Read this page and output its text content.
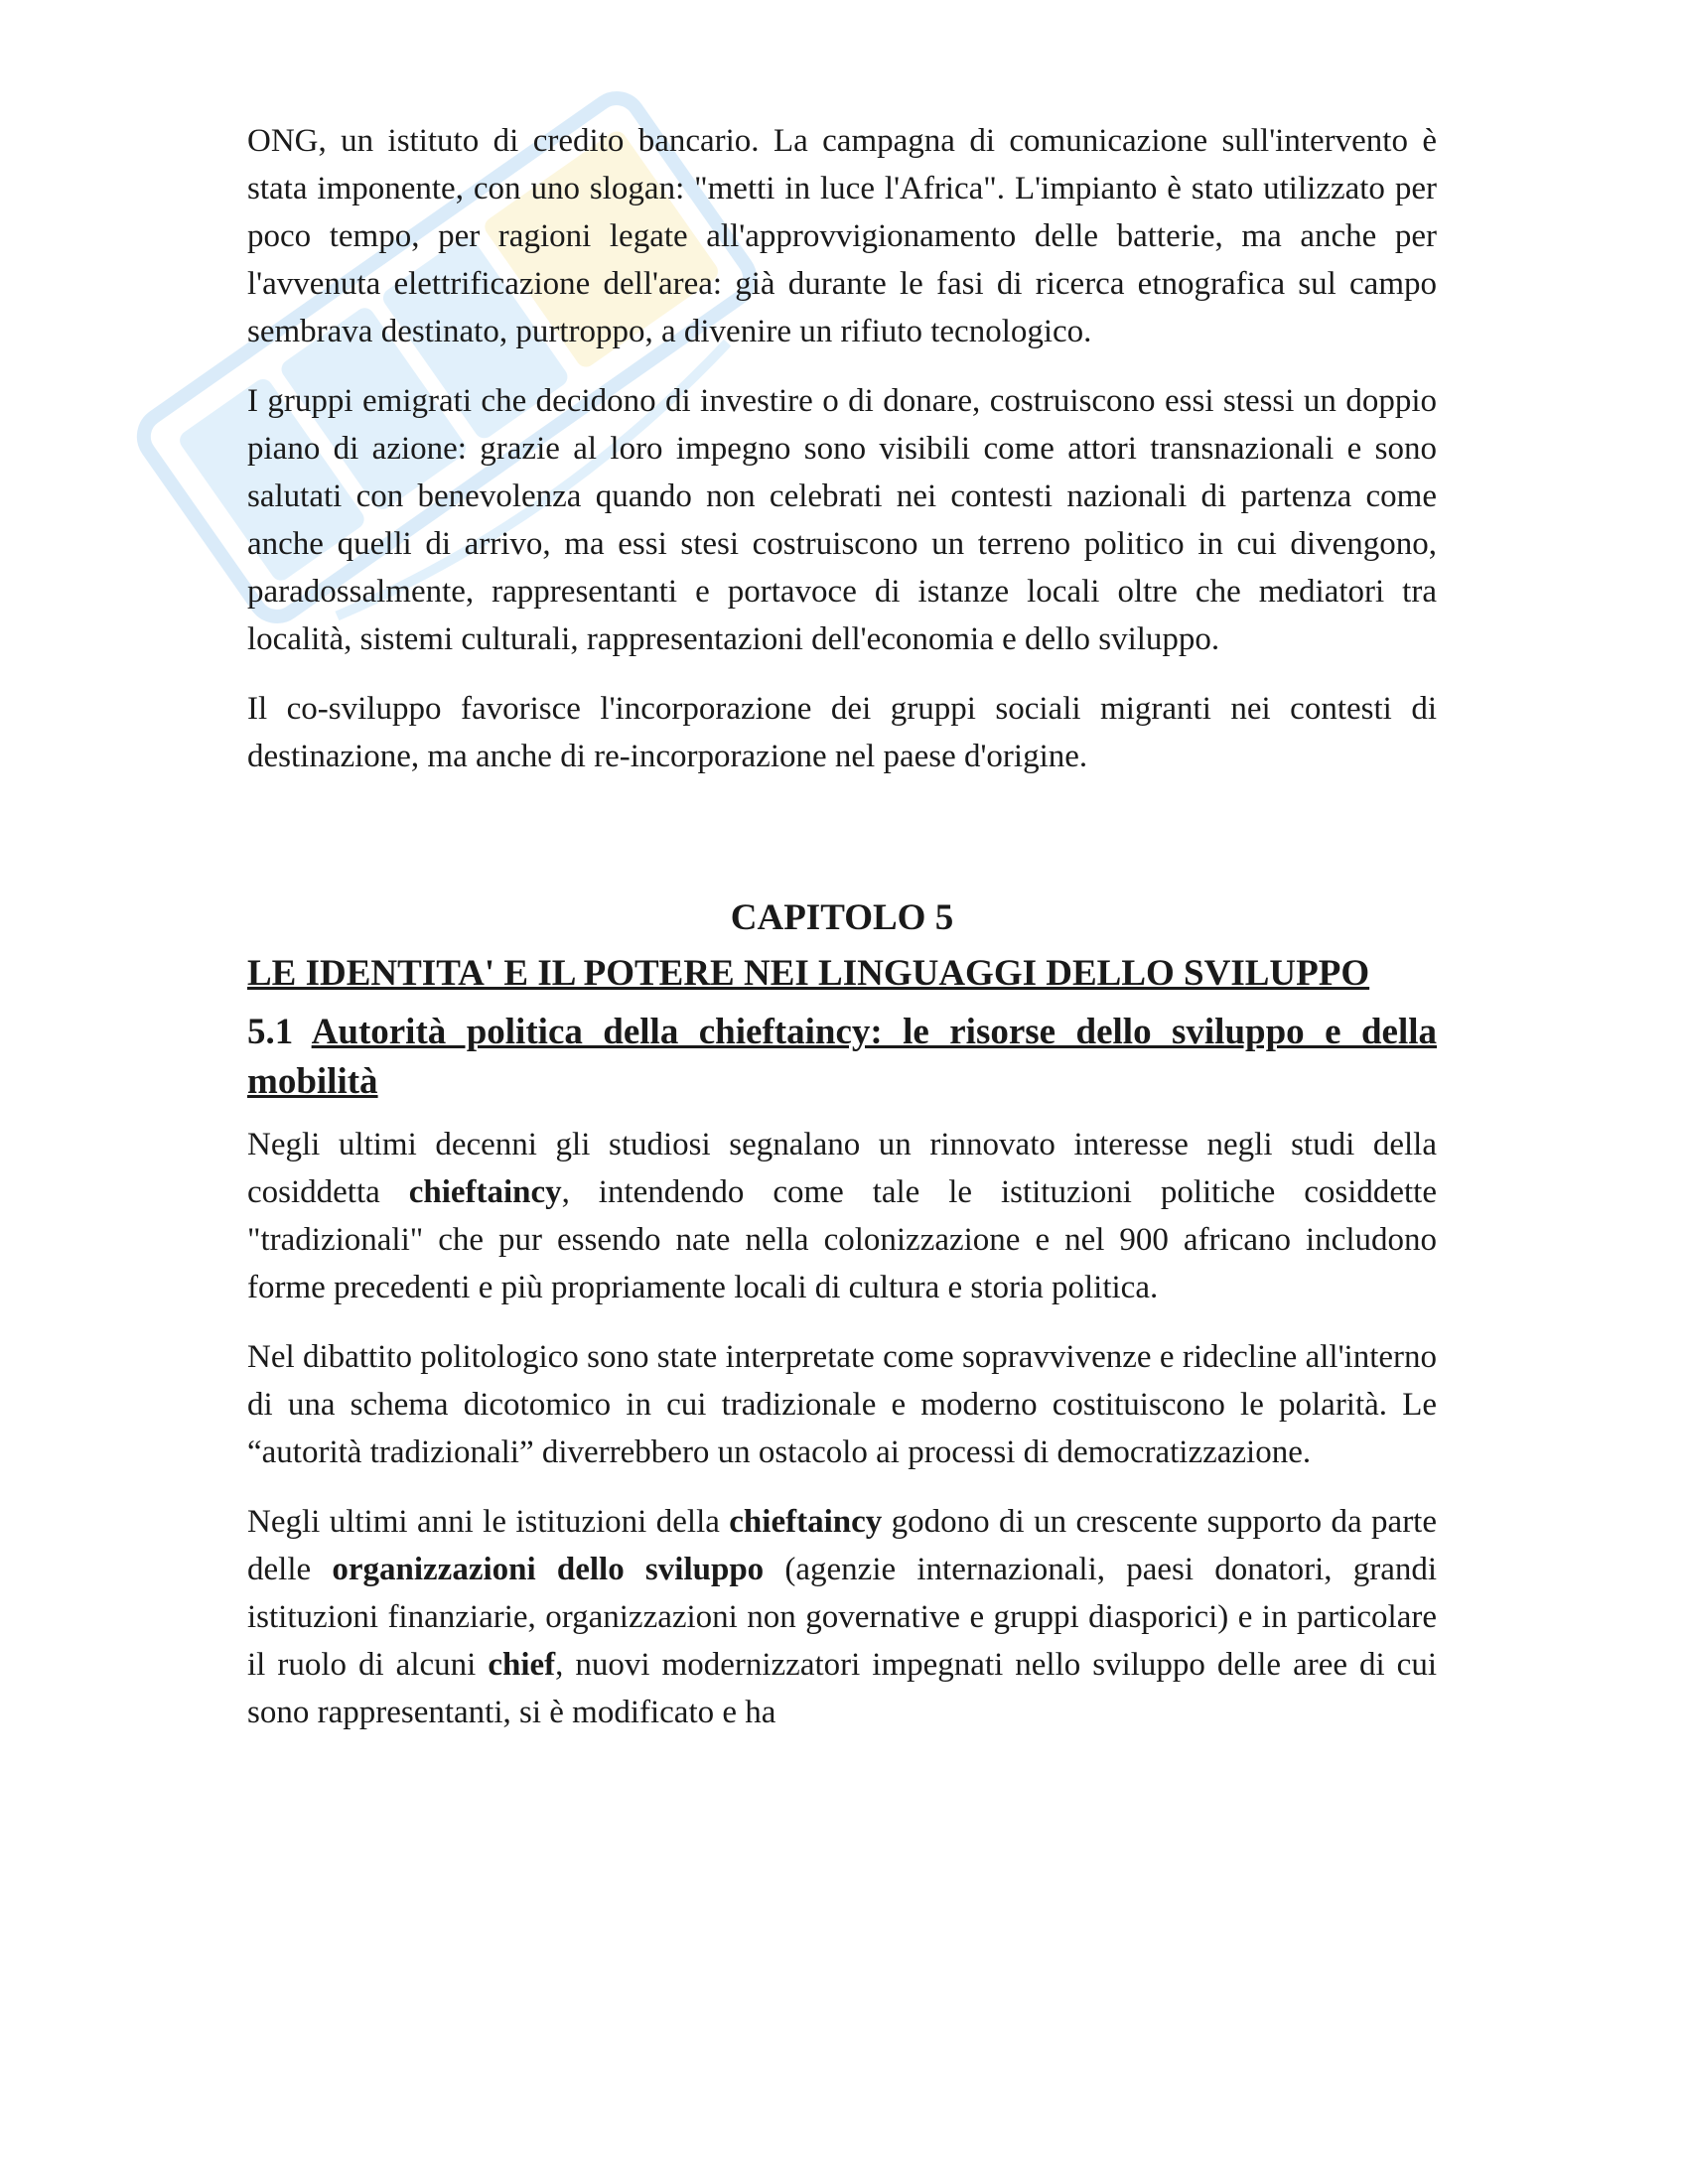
ONG, un istituto di credito bancario. La campagna di comunicazione sull'intervento è stata imponente, con uno slogan: "metti in luce l'Africa". L'impianto è stato utilizzato per poco tempo, per ragioni legate all'approvvigionamento delle batterie, ma anche per l'avvenuta elettrificazione dell'area: già durante le fasi di ricerca etnografica sul campo sembrava destinato, purtroppo, a divenire un rifiuto tecnologico.

I gruppi emigrati che decidono di investire o di donare, costruiscono essi stessi un doppio piano di azione: grazie al loro impegno sono visibili come attori transnazionali e sono salutati con benevolenza quando non celebrati nei contesti nazionali di partenza come anche quelli di arrivo, ma essi stesi costruiscono un terreno politico in cui divengono, paradossalmente, rappresentanti e portavoce di istanze locali oltre che mediatori tra località, sistemi culturali, rappresentazioni dell'economia e dello sviluppo.

Il co-sviluppo favorisce l'incorporazione dei gruppi sociali migranti nei contesti di destinazione, ma anche di re-incorporazione nel paese d'origine.

CAPITOLO 5
LE IDENTITA' E IL POTERE NEI LINGUAGGI DELLO SVILUPPO
5.1 Autorità politica della chieftaincy: le risorse dello sviluppo e della mobilità

Negli ultimi decenni gli studiosi segnalano un rinnovato interesse negli studi della cosiddetta chieftaincy, intendendo come tale le istituzioni politiche cosiddette "tradizionali" che pur essendo nate nella colonizzazione e nel 900 africano includono forme precedenti e più propriamente locali di cultura e storia politica.

Nel dibattito politologico sono state interpretate come sopravvivenze e ridecline all'interno di una schema dicotomico in cui tradizionale e moderno costituiscono le polarità. Le “autorità tradizionali” diverrebbero un ostacolo ai processi di democratizzazione.

Negli ultimi anni le istituzioni della chieftaincy godono di un crescente supporto da parte delle organizzazioni dello sviluppo (agenzie internazionali, paesi donatori, grandi istituzioni finanziarie, organizzazioni non governative e gruppi diasporici) e in particolare il ruolo di alcuni chief, nuovi modernizzatori impegnati nello sviluppo delle aree di cui sono rappresentanti, si è modificato e ha
